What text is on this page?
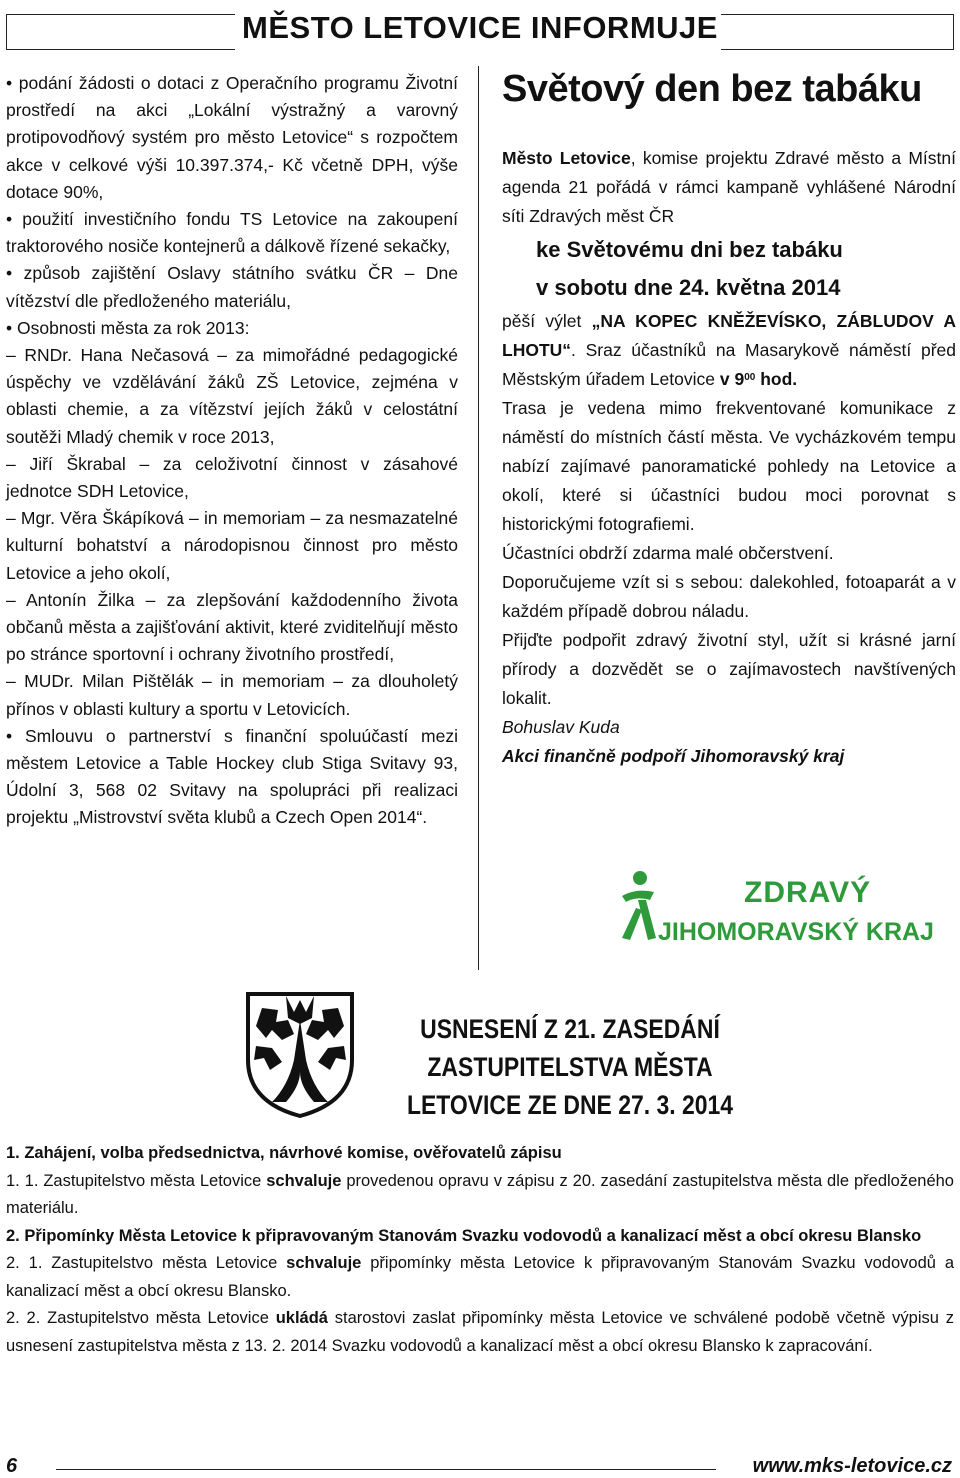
MĚSTO LETOVICE INFORMUJE

• podání žádosti o dotaci z Operačního programu Životní prostředí na akci „Lokální výstražný a varovný protipovodňový systém pro město Letovice“ s rozpočtem akce v celkové výši 10.397.374,- Kč včetně DPH, výše dotace 90%,

• použití investičního fondu TS Letovice na zakoupení traktorového nosiče kontejnerů a dálkově řízené sekačky,

• způsob zajištění Oslavy státního svátku ČR – Dne vítězství dle předloženého materiálu,

• Osobnosti města za rok 2013:

– RNDr. Hana Nečasová – za mimořádné pedagogické úspěchy ve vzdělávání žáků ZŠ Letovice, zejména v oblasti chemie, a za vítězství jejích žáků v celostátní soutěži Mladý chemik v roce 2013,

– Jiří Škrabal – za celoživotní činnost v zásahové jednotce SDH Letovice,

– Mgr. Věra Škápíková – in memoriam – za nesmazatelné kulturní bohatství a národopisnou činnost pro město Letovice a jeho okolí,

– Antonín Žilka – za zlepšování každodenního života občanů města a zajišťování aktivit, které zviditelňují město po stránce sportovní i ochrany životního prostředí,

– MUDr. Milan Pištělák – in memoriam – za dlouholetý přínos v oblasti kultury a sportu v Letovicích.

• Smlouvu o partnerství s finanční spoluúčastí mezi městem Letovice a Table Hockey club Stiga Svitavy 93, Údolní 3, 568 02 Svitavy na spolupráci při realizaci projektu „Mistrovství světa klubů a Czech Open 2014“.

Světový den bez tabáku

Město Letovice, komise projektu Zdravé město a Místní agenda 21 pořádá v rámci kampaně vyhlášené Národní síti Zdravých měst ČR

ke Světovému dni bez tabáku
v sobotu dne 24. května 2014

pěší výlet „NA KOPEC KNĚŽEVÍSKO, ZÁBLUDOV A LHOTU“. Sraz účastníků na Masarykově náměstí před Městským úřadem Letovice v $9^{00}$ hod.

Trasa je vedena mimo frekventované komunikace z náměstí do místních částí města. Ve vycházkovém tempu nabízí zajímavé panoramatické pohledy na Letovice a okolí, které si účastníci budou moci porovnat s historickými fotografiemi.

Účastníci obdrží zdarma malé občerstvení.

Doporučujeme vzít si s sebou: dalekohled, fotoaparát a v každém případě dobrou náladu.

Přijďte podpořit zdravý životní styl, užít si krásné jarní přírody a dozvědět se o zajímavostech navštívených lokalit.

Bohuslav Kuda

Akci finančně podpoří Jihomoravský kraj

ZDRAVÝ
JIHOMORAVSKÝ KRAJ
USNESENÍ Z 21. ZASEDÁNÍ
ZASTUPITELSTVA MĚSTA
LETOVICE ZE DNE 27. 3. 2014

1. Zahájení, volba předsednictva, návrhové komise, ověřovatelů zápisu

1. 1. Zastupitelstvo města Letovice schvaluje provedenou opravu v zápisu z 20. zasedání zastupitelstva města dle předloženého materiálu.

2. Připomínky Města Letovice k připravovaným Stanovám Svazku vodovodů a kanalizací měst a obcí okresu Blansko

2. 1. Zastupitelstvo města Letovice schvaluje připomínky města Letovice k připravovaným Stanovám Svazku vodovodů a kanalizací měst a obcí okresu Blansko.

2. 2. Zastupitelstvo města Letovice ukládá starostovi zaslat připomínky města Letovice ve schválené podobě včetně výpisu z usnesení zastupitelstva města z 13. 2. 2014 Svazku vodovodů a kanalizací měst a obcí okresu Blansko k zapracování.

6	www.mks-letovice.cz
